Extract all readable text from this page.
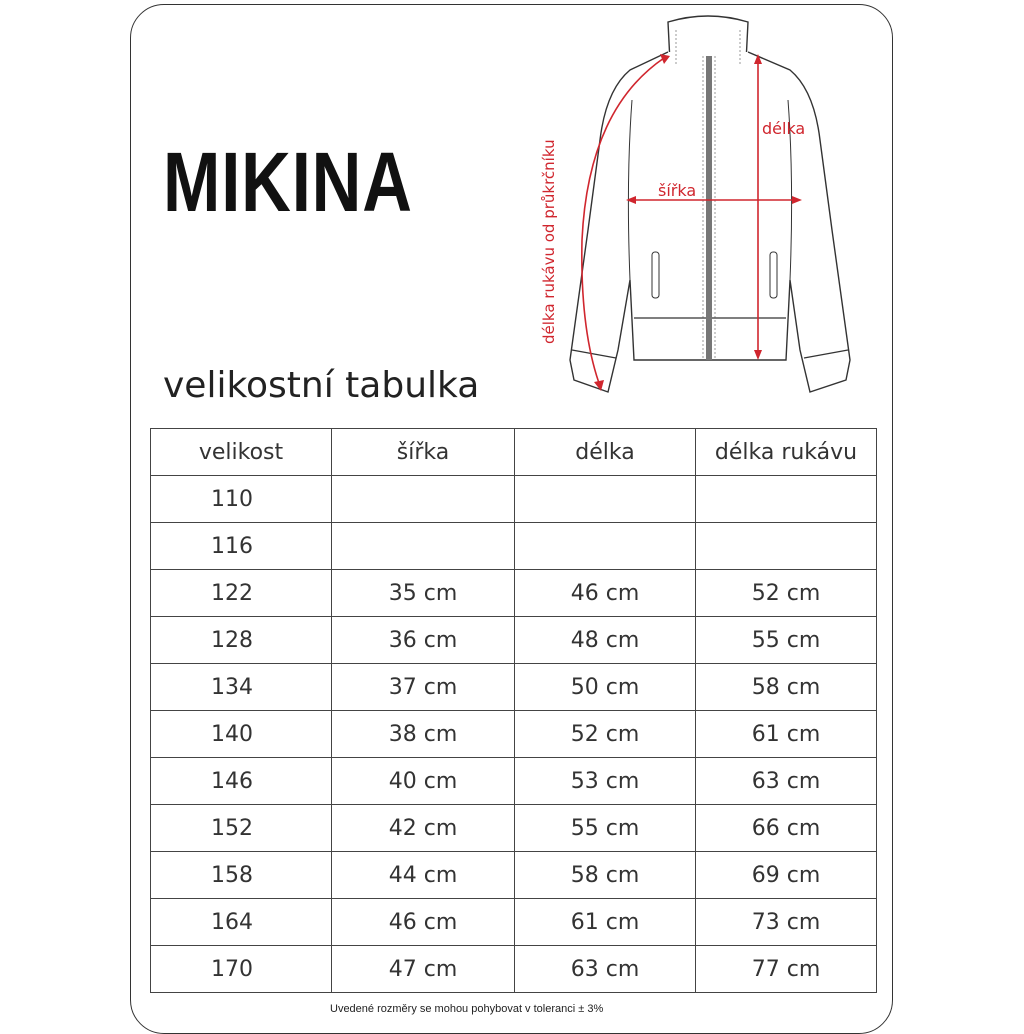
MIKINA
délka
šířka
délka rukávu od průkrčníku
velikostní tabulka
velikost	šířka	délka	délka rukávu
110			
116			
122	35 cm	46 cm	52 cm
128	36 cm	48 cm	55 cm
134	37 cm	50 cm	58 cm
140	38 cm	52 cm	61 cm
146	40 cm	53 cm	63 cm
152	42 cm	55 cm	66 cm
158	44 cm	58 cm	69 cm
164	46 cm	61 cm	73 cm
170	47 cm	63 cm	77 cm
Uvedené rozměry se mohou pohybovat v toleranci ± 3%
